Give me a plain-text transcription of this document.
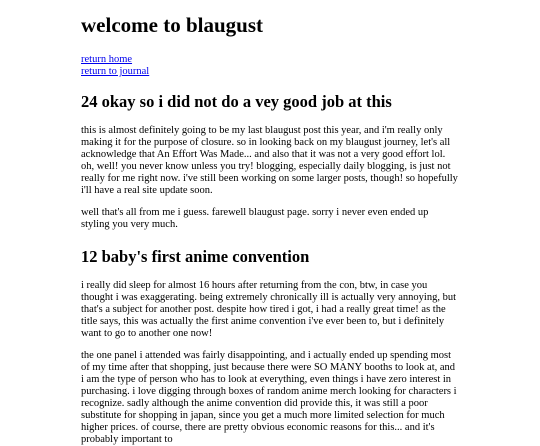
welcome to blaugust
return home
return to journal
24 okay so i did not do a vey good job at this

this is almost definitely going to be my last blaugust post this year, and i'm really only making it for the purpose of closure. so in looking back on my blaugust journey, let's all acknowledge that An Effort Was Made... and also that it was not a very good effort lol. oh, well! you never know unless you try! blogging, especially daily blogging, is just not really for me right now. i've still been working on some larger posts, though! so hopefully i'll have a real site update soon.

well that's all from me i guess. farewell blaugust page. sorry i never even ended up styling you very much.

12 baby's first anime convention

i really did sleep for almost 16 hours after returning from the con, btw, in case you thought i was exaggerating. being extremely chronically ill is actually very annoying, but that's a subject for another post. despite how tired i got, i had a really great time! as the title says, this was actually the first anime convention i've ever been to, but i definitely want to go to another one now!

the one panel i attended was fairly disappointing, and i actually ended up spending most of my time after that shopping, just because there were SO MANY booths to look at, and i am the type of person who has to look at everything, even things i have zero interest in purchasing. i love digging through boxes of random anime merch looking for characters i recognize. sadly although the anime convention did provide this, it was still a poor substitute for shopping in japan, since you get a much more limited selection for much higher prices. of course, there are pretty obvious economic reasons for this... and it's probably important to
